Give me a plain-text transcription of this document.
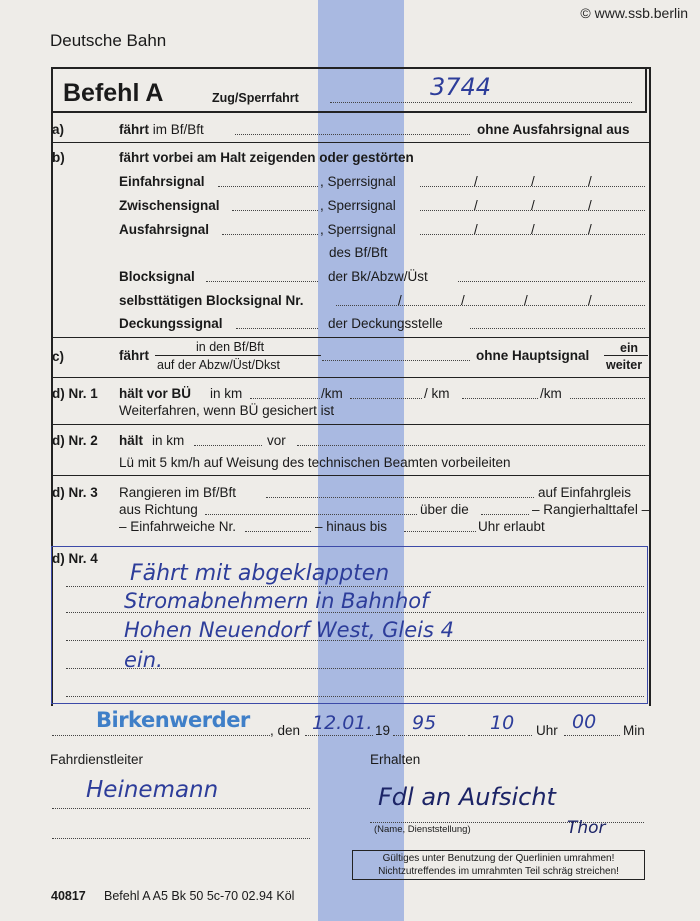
© www.ssb.berlin
Deutsche Bahn
Befehl A	Zug/Sperrfahrt	3744
a)	fährt im Bf/Bft	ohne Ausfahrsignal aus
b)	fährt vorbei am Halt zeigenden oder gestörten
Einfahrsignal	, Sperrsignal	/	/	/
Zwischensignal	, Sperrsignal	/	/	/
Ausfahrsignal	, Sperrsignal	/	/	/
des Bf/Bft
Blocksignal	der Bk/Abzw/Üst
selbsttätigen Blocksignal Nr.	/	/	/	/
Deckungssignal	der Deckungsstelle
c)	fährt
in den Bf/Bft
auf der Abzw/Üst/Dkst
ohne Hauptsignal ein
weiter
d) Nr. 1 hält vor BÜ in km	/km	/ km	/km
Weiterfahren, wenn BÜ gesichert ist
d) Nr. 2 hält in km	vor
Lü mit 5 km/h auf Weisung des technischen Beamten vorbeileiten
d) Nr. 3 Rangieren im Bf/Bft	auf Einfahrgleis
aus Richtung	über die	– Rangierhalttafel –
– Einfahrweiche Nr.	– hinaus bis	Uhr erlaubt
d) Nr. 4
Fährt mit abgeklappten
Stromabnehmern in Bahnhof
Hohen Neuendorf West, Gleis 4
ein.
Birkenwerder , den 12.01. 19 95	10 Uhr 00 Min
Fahrdienstleiter	Erhalten
Heinemann	Fdl an Aufsicht
Thor
(Name, Dienststellung)
Gültiges unter Benutzung der Querlinien umrahmen!
Nichtzutreffendes im umrahmten Teil schräg streichen!
40817 Befehl A A5 Bk 50 5c-70 02.94 Köl
